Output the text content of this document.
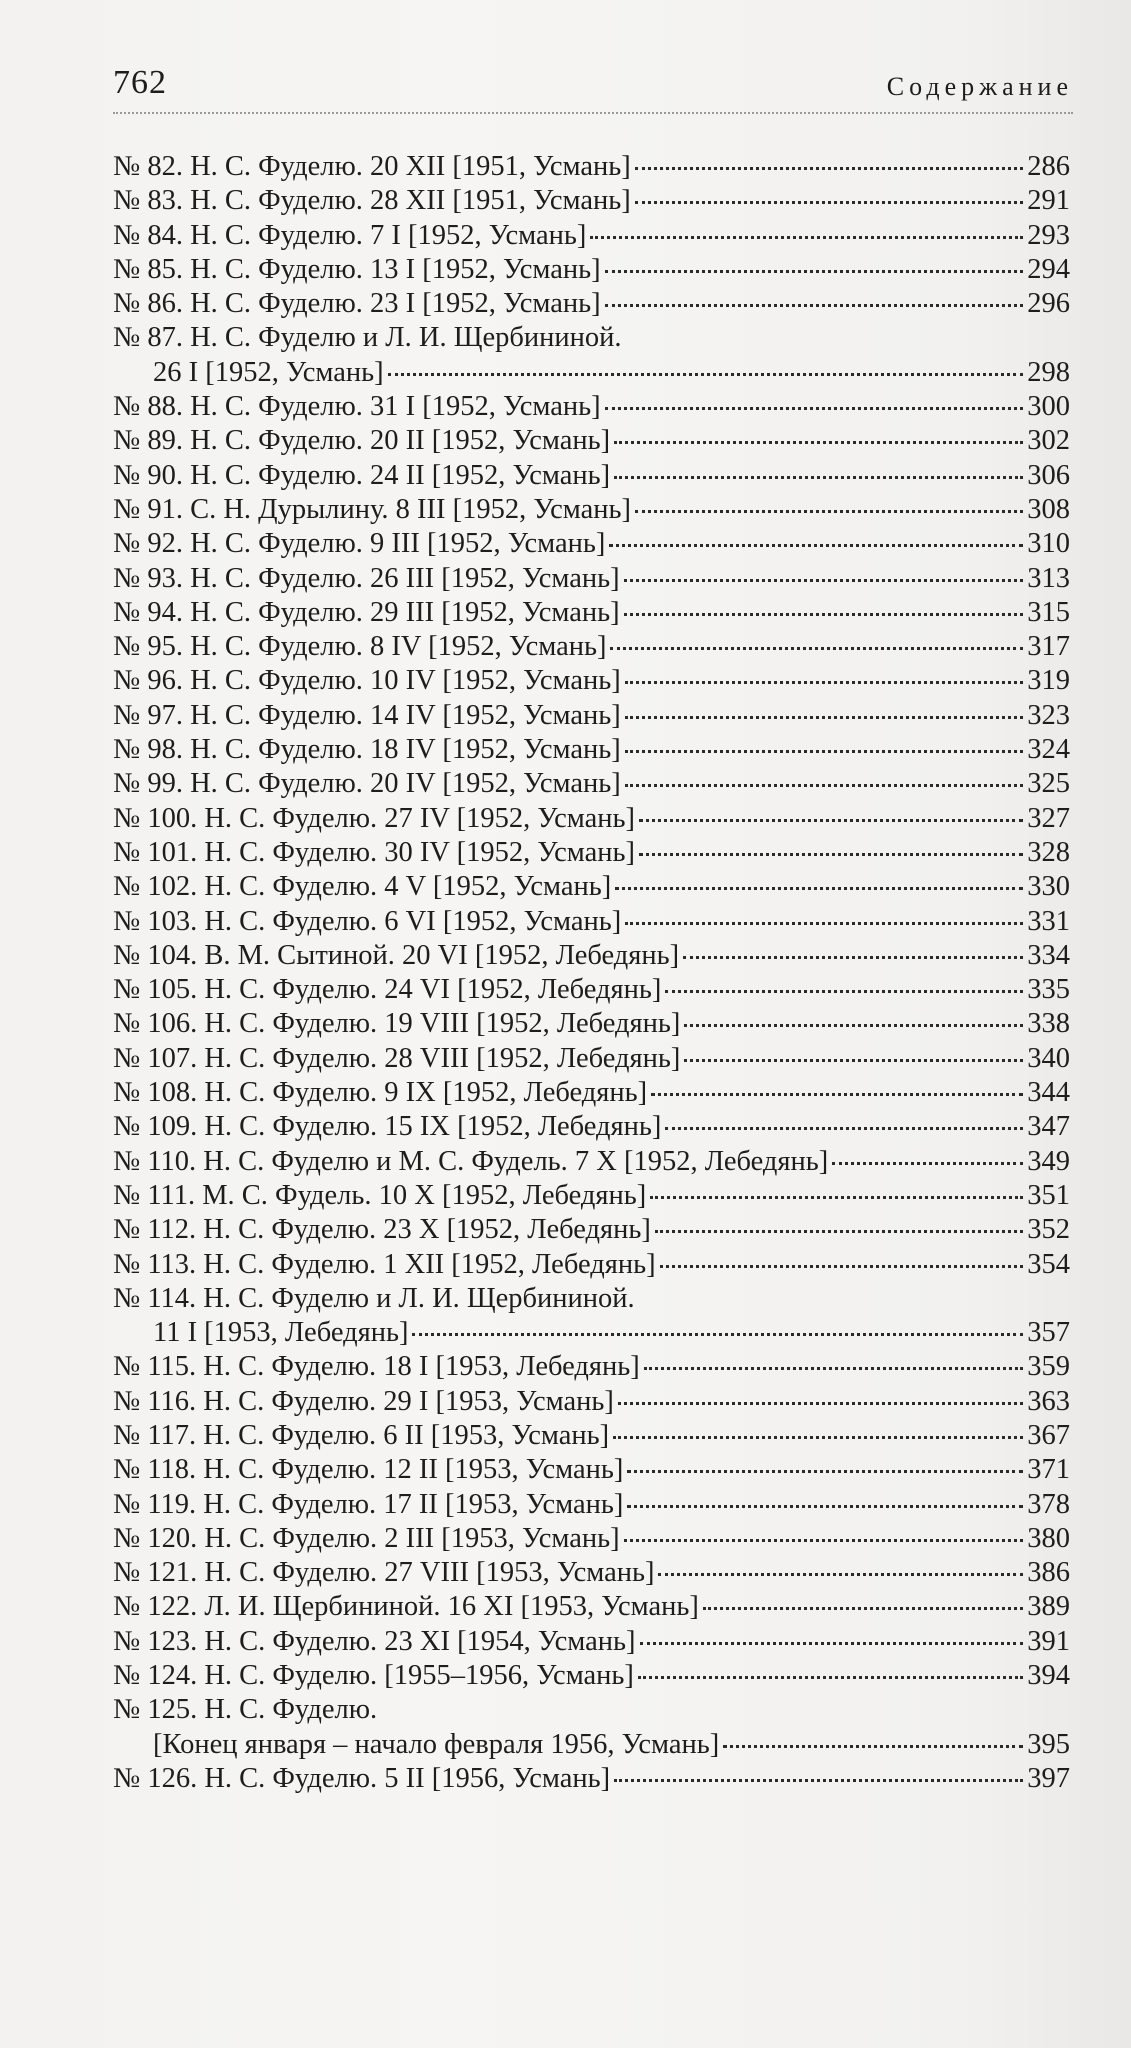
762	Содержание
№ 82. Н. С. Фуделю. 20 XII [1951, Усмань]	286
№ 83. Н. С. Фуделю. 28 XII [1951, Усмань]	291
№ 84. Н. С. Фуделю. 7 I [1952, Усмань]	293
№ 85. Н. С. Фуделю. 13 I [1952, Усмань]	294
№ 86. Н. С. Фуделю. 23 I [1952, Усмань]	296
№ 87. Н. С. Фуделю и Л. И. Щербининой.
26 I [1952, Усмань]	298
№ 88. Н. С. Фуделю. 31 I [1952, Усмань]	300
№ 89. Н. С. Фуделю. 20 II [1952, Усмань]	302
№ 90. Н. С. Фуделю. 24 II [1952, Усмань]	306
№ 91. С. Н. Дурылину. 8 III [1952, Усмань]	308
№ 92. Н. С. Фуделю. 9 III [1952, Усмань]	310
№ 93. Н. С. Фуделю. 26 III [1952, Усмань]	313
№ 94. Н. С. Фуделю. 29 III [1952, Усмань]	315
№ 95. Н. С. Фуделю. 8 IV [1952, Усмань]	317
№ 96. Н. С. Фуделю. 10 IV [1952, Усмань]	319
№ 97. Н. С. Фуделю. 14 IV [1952, Усмань]	323
№ 98. Н. С. Фуделю. 18 IV [1952, Усмань]	324
№ 99. Н. С. Фуделю. 20 IV [1952, Усмань]	325
№ 100. Н. С. Фуделю. 27 IV [1952, Усмань]	327
№ 101. Н. С. Фуделю. 30 IV [1952, Усмань]	328
№ 102. Н. С. Фуделю. 4 V [1952, Усмань]	330
№ 103. Н. С. Фуделю. 6 VI [1952, Усмань]	331
№ 104. В. М. Сытиной. 20 VI [1952, Лебедянь]	334
№ 105. Н. С. Фуделю. 24 VI [1952, Лебедянь]	335
№ 106. Н. С. Фуделю. 19 VIII [1952, Лебедянь]	338
№ 107. Н. С. Фуделю. 28 VIII [1952, Лебедянь]	340
№ 108. Н. С. Фуделю. 9 IX [1952, Лебедянь]	344
№ 109. Н. С. Фуделю. 15 IX [1952, Лебедянь]	347
№ 110. Н. С. Фуделю и М. С. Фудель. 7 X [1952, Лебедянь]	349
№ 111. М. С. Фудель. 10 X [1952, Лебедянь]	351
№ 112. Н. С. Фуделю. 23 X [1952, Лебедянь]	352
№ 113. Н. С. Фуделю. 1 XII [1952, Лебедянь]	354
№ 114. Н. С. Фуделю и Л. И. Щербининой.
11 I [1953, Лебедянь]	357
№ 115. Н. С. Фуделю. 18 I [1953, Лебедянь]	359
№ 116. Н. С. Фуделю. 29 I [1953, Усмань]	363
№ 117. Н. С. Фуделю. 6 II [1953, Усмань]	367
№ 118. Н. С. Фуделю. 12 II [1953, Усмань]	371
№ 119. Н. С. Фуделю. 17 II [1953, Усмань]	378
№ 120. Н. С. Фуделю. 2 III [1953, Усмань]	380
№ 121. Н. С. Фуделю. 27 VIII [1953, Усмань]	386
№ 122. Л. И. Щербининой. 16 XI [1953, Усмань]	389
№ 123. Н. С. Фуделю. 23 XI [1954, Усмань]	391
№ 124. Н. С. Фуделю. [1955–1956, Усмань]	394
№ 125. Н. С. Фуделю.
[Конец января – начало февраля 1956, Усмань]	395
№ 126. Н. С. Фуделю. 5 II [1956, Усмань]	397
